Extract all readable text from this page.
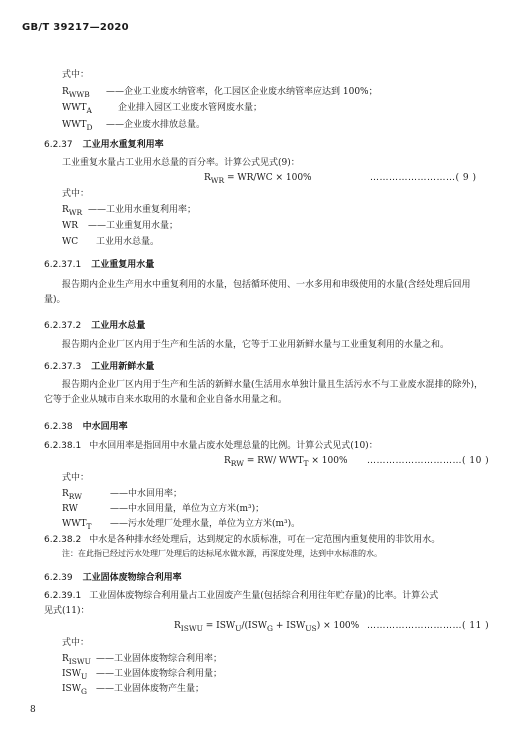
GB/T 39217—2020
式中：
$R_{WWB}$ ——企业工业废水纳管率，化工园区企业废水纳管率应达到 100%；
$WWT_A$	企业排入园区工业废水管网废水量；
$WWT_D$ ——企业废水排放总量。
6.2.37 工业用水重复利用率
工业重复水量占工业用水总量的百分率。计算公式见式(9)：
$R_{WR} = WR/WC \times 100\%$	………………………( 9 )
式中：
$R_{WR}$ ——工业用水重复利用率；
WR ——工业重复用水量；
WC 工业用水总量。
6.2.37.1 工业重复用水量
报告期内企业生产用水中重复利用的水量，包括循环使用、一水多用和串级使用的水量(含经处理后回用量)。
6.2.37.2 工业用水总量
报告期内企业厂区内用于生产和生活的水量，它等于工业用新鲜水量与工业重复利用的水量之和。
6.2.37.3 工业用新鲜水量
报告期内企业厂区内用于生产和生活的新鲜水量(生活用水单独计量且生活污水不与工业废水混排的除外)，它等于企业从城市自来水取用的水量和企业自备水用量之和。
6.2.38 中水回用率
6.2.38.1 中水回用率是指回用中水量占废水处理总量的比例。计算公式见式(10)：
$R_{RW} = RW/$ $WWT_T \times 100\%$ …………………………( 10 )
式中：
$R_{RW}$	——中水回用率；
RW	——中水回用量，单位为立方米(m³)；
$WWT_T$ ——污水处理厂处理水量，单位为立方米(m³)。
6.2.38.2 中水是各种排水经处理后，达到规定的水质标准，可在一定范围内重复使用的非饮用水。
注：在此指已经过污水处理厂处理后的达标尾水做水源，再深度处理，达到中水标准的水。
6.2.39 工业固体废物综合利用率
6.2.39.1 工业固体废物综合利用量占工业固废产生量(包括综合利用往年贮存量)的比率。计算公式
见式(11)：
$R_{ISWU} = ISW_U/(ISW_G + ISW_{US}) \times 100\%$ …………………………( 11 )
式中：
$R_{ISWU}$ ——工业固体废物综合利用率；
$ISW_U$ ——工业固体废物综合利用量；
$ISW_G$ ——工业固体废物产生量；
8
